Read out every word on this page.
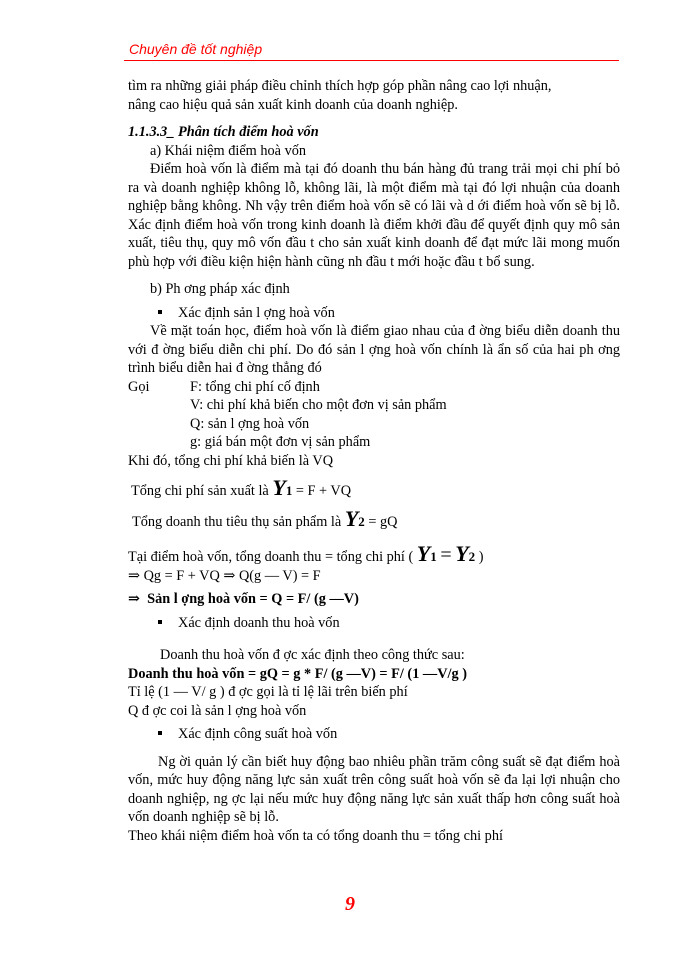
Chuyên đề tốt nghiệp

tìm ra những giải pháp điều chỉnh thích hợp góp phần nâng cao lợi nhuận,

nâng cao hiệu quả sản xuất kinh doanh của doanh nghiệp.

1.1.3.3_ Phân tích điểm hoà vốn

a) Khái niệm điểm hoà vốn

Điểm hoà vốn là điểm mà tại đó doanh thu bán hàng đủ trang trải mọi chi phí bỏ ra và doanh nghiệp không lỗ, không lãi, là một điểm mà tại đó lợi nhuận của doanh nghiệp bằng không. Nh vậy trên điểm hoà vốn sẽ có lãi và d ới điểm hoà vốn sẽ bị lỗ. Xác định điểm hoà vốn trong kinh doanh là điểm khởi đầu để quyết định quy mô sản xuất, tiêu thụ, quy mô vốn đầu t cho sản xuất kinh doanh để đạt mức lãi mong muốn phù hợp với điều kiện hiện hành cũng nh đầu t mới hoặc đầu t bổ sung.

b) Ph ơng pháp xác định

Xác định sản l ợng hoà vốn

Về mặt toán học, điểm hoà vốn là điểm giao nhau của đ ờng biểu diễn doanh thu với đ ờng biểu diễn chi phí. Do đó sản l ợng hoà vốn chính là ẩn số của hai ph ơng trình biểu diễn hai đ ờng thẳng đó

Gọi	F: tổng chi phí cố định

V: chi phí khả biến cho một đơn vị sản phẩm

Q: sản l ợng hoà vốn

g: giá bán một đơn vị sản phẩm

Khi đó, tổng chi phí khả biến là VQ

Tổng chi phí sản xuất là Y1 = F + VQ

Tổng doanh thu tiêu thụ sản phẩm là Y2 = gQ

Tại điểm hoà vốn, tổng doanh thu = tổng chi phí ( Y1 = Y2 )

⇒ Qg = F + VQ ⇒ Q(g — V) = F

⇒ Sản l ợng hoà vốn = Q = F/ (g —V)

Xác định doanh thu hoà vốn

Doanh thu hoà vốn đ ợc xác định theo công thức sau:

Doanh thu hoà vốn = gQ = g * F/ (g —V) = F/ (1 —V/g )

Tỉ lệ (1 — V/ g ) đ ợc gọi là tỉ lệ lãi trên biến phí

Q đ ợc coi là sản l ợng hoà vốn

Xác định công suất hoà vốn

Ng ời quản lý cần biết huy động bao nhiêu phần trăm công suất sẽ đạt điểm hoà vốn, mức huy động năng lực sản xuất trên công suất hoà vốn sẽ đa lại lợi nhuận cho doanh nghiệp, ng ợc lại nếu mức huy động năng lực sản xuất thấp hơn công suất hoà vốn doanh nghiệp sẽ bị lỗ.

Theo khái niệm điểm hoà vốn ta có tổng doanh thu = tổng chi phí

9
